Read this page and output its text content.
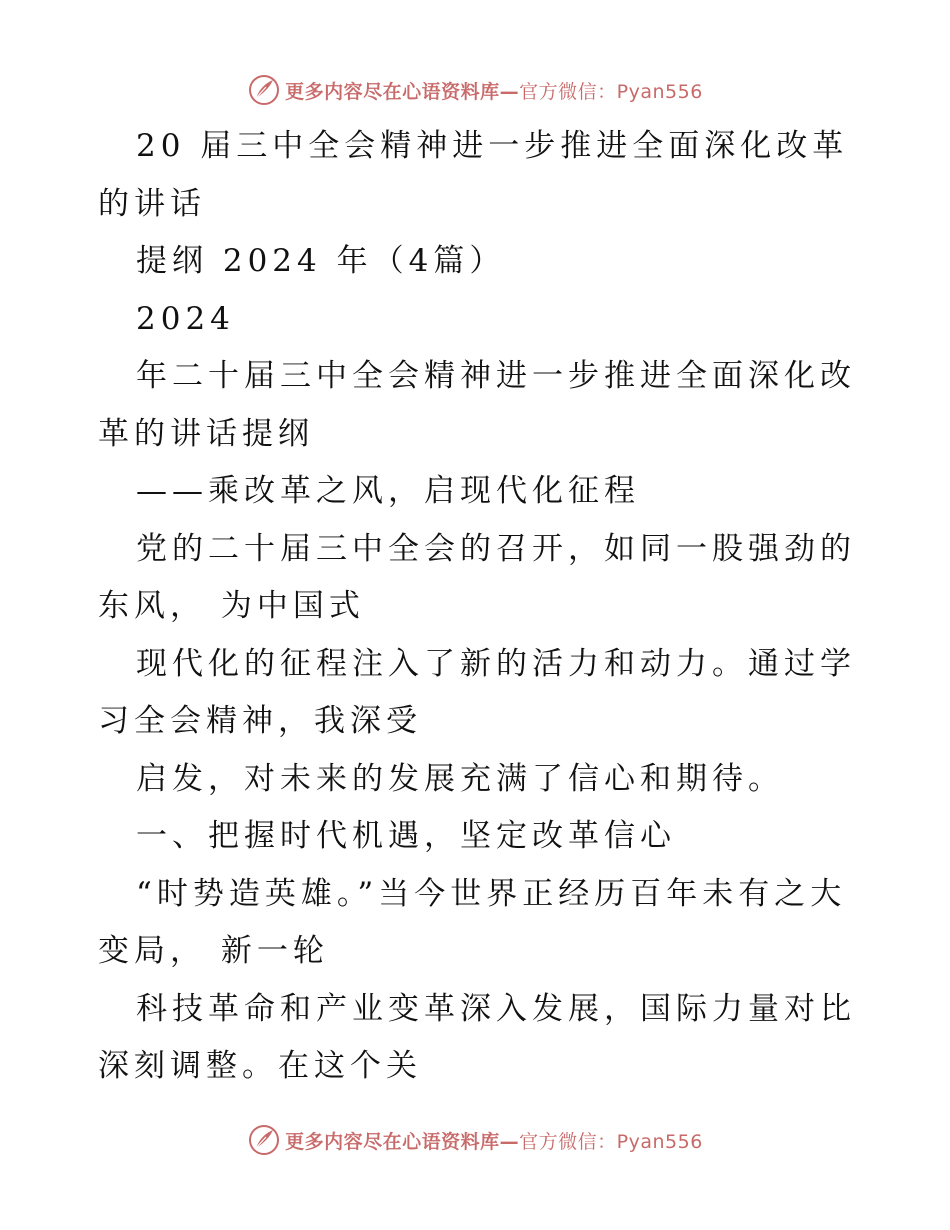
更多内容尽在心语资料库—官方微信：Pyan556

20 届三中全会精神进一步推进全面深化改革的讲话

提纲 2024 年（4篇）

2024

年二十届三中全会精神进一步推进全面深化改革的讲话提纲

——乘改革之风，启现代化征程

党的二十届三中全会的召开，如同一股强劲的东风， 为中国式

现代化的征程注入了新的活力和动力。通过学习全会精神，我深受

启发，对未来的发展充满了信心和期待。

一、把握时代机遇，坚定改革信心

“时势造英雄。”当今世界正经历百年未有之大变局， 新一轮

科技革命和产业变革深入发展，国际力量对比深刻调整。在这个关

更多内容尽在心语资料库—官方微信：Pyan556
